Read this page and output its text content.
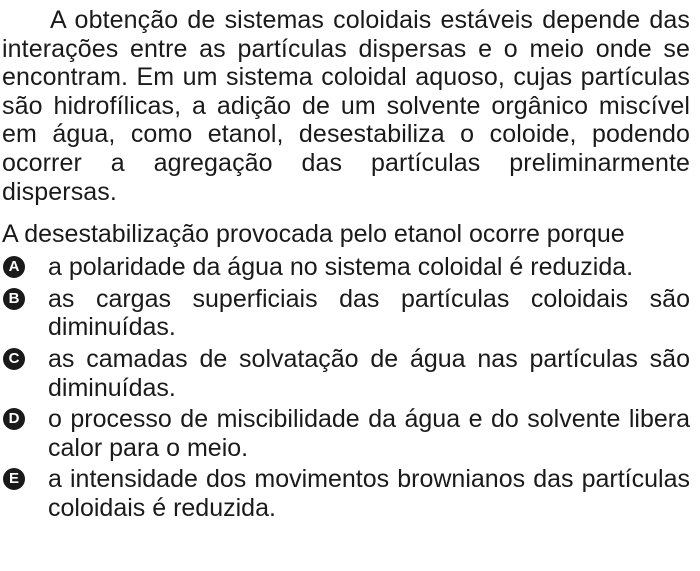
A obtenção de sistemas coloidais estáveis depende das interações entre as partículas dispersas e o meio onde se encontram. Em um sistema coloidal aquoso, cujas partículas são hidrofílicas, a adição de um solvente orgânico miscível em água, como etanol, desestabiliza o coloide, podendo ocorrer a agregação das partículas preliminarmente dispersas.

A desestabilização provocada pelo etanol ocorre porque

A a polaridade da água no sistema coloidal é reduzida.
B as cargas superficiais das partículas coloidais são diminuídas.
C as camadas de solvatação de água nas partículas são diminuídas.
D o processo de miscibilidade da água e do solvente libera calor para o meio.
E a intensidade dos movimentos brownianos das partículas coloidais é reduzida.
